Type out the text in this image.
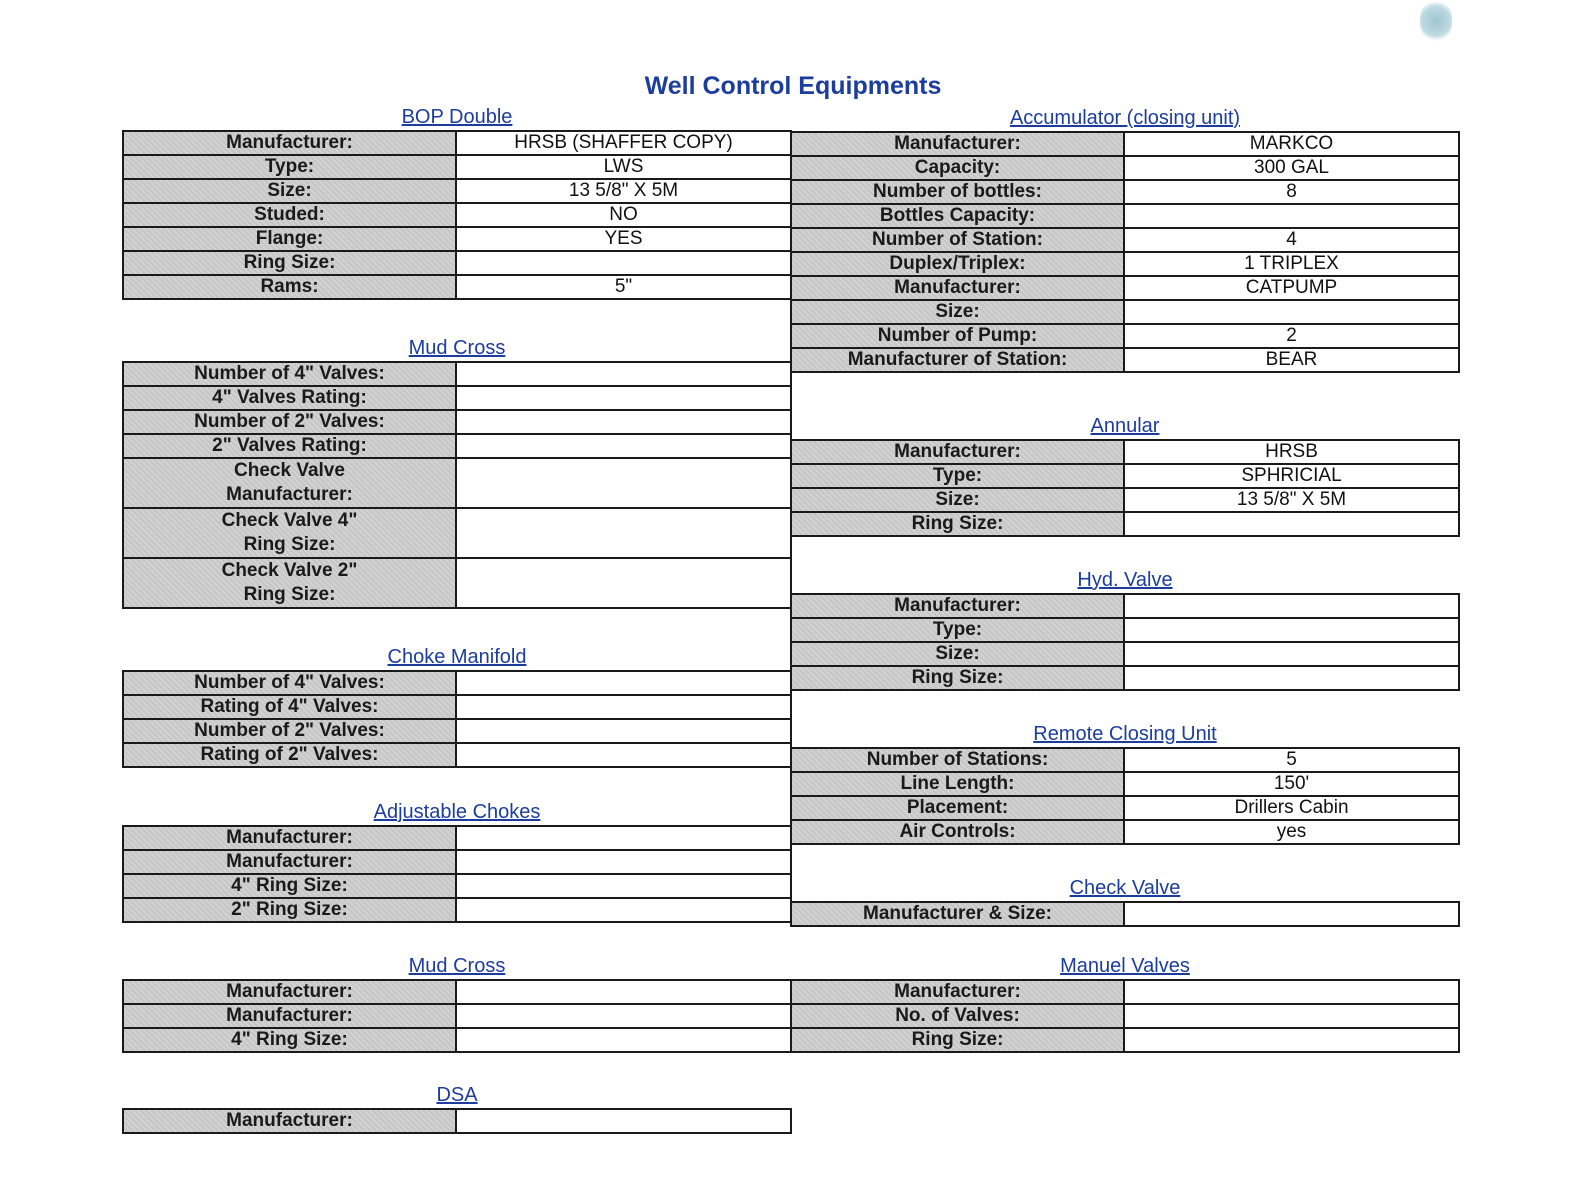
Well Control Equipments
BOP Double
Manufacturer:	HRSB (SHAFFER COPY)
Type:	LWS
Size:	13 5/8" X 5M
Studed:	NO
Flange:	YES
Ring Size:	
Rams:	5"
Mud Cross
Number of 4" Valves:	
4" Valves Rating:	
Number of 2" Valves:	
2" Valves Rating:	
Check Valve
Manufacturer:	
Check Valve 4"
Ring Size:	
Check Valve 2"
Ring Size:	
Choke Manifold
Number of 4" Valves:	
Rating of 4" Valves:	
Number of 2" Valves:	
Rating of 2" Valves:	
Adjustable Chokes
Manufacturer:	
Manufacturer:	
4" Ring Size:	
2" Ring Size:	
Mud Cross
Manufacturer:	
Manufacturer:	
4" Ring Size:	
DSA
Manufacturer:	
Accumulator (closing unit)
Manufacturer:	MARKCO
Capacity:	300 GAL
Number of bottles:	8
Bottles Capacity:	
Number of Station:	4
Duplex/Triplex:	1 TRIPLEX
Manufacturer:	CATPUMP
Size:	
Number of Pump:	2
Manufacturer of Station:	BEAR
Annular
Manufacturer:	HRSB
Type:	SPHRICIAL
Size:	13 5/8" X 5M
Ring Size:	
Hyd. Valve
Manufacturer:	
Type:	
Size:	
Ring Size:	
Remote Closing Unit
Number of Stations:	5
Line Length:	150'
Placement:	Drillers Cabin
Air Controls:	yes
Check Valve
Manufacturer & Size:	
Manuel Valves
Manufacturer:	
No. of Valves:	
Ring Size:	
